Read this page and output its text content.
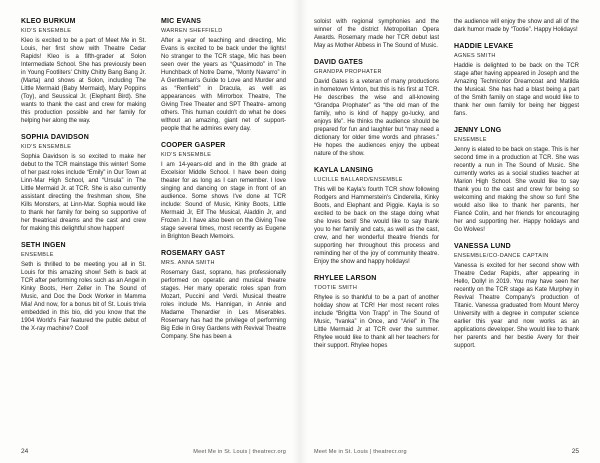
KLEO BURKUM
KID'S ENSEMBLE
Kleo is excited to be a part of Meet Me in St. Louis, her first show with Theatre Cedar Rapids! Kleo is a fifth-grader at Solon Intermediate School. She has previously been in Young Footliters' Chitty Chitty Bang Bang Jr. (Marta) and shows at Solon, including The Little Mermaid (Baby Mermaid), Mary Poppins (Toy), and Seussical Jr. (Elephant Bird). She wants to thank the cast and crew for making this production possible and her family for helping her along the way.
SOPHIA DAVIDSON
KID'S ENSEMBLE
Sophia Davidson is so excited to make her debut to the TCR mainstage this winter! Some of her past roles include “Emily” in Our Town at Linn-Mar High School, and “Ursula” in The Little Mermaid Jr. at TCR. She is also currently assistant directing the freshman show, She Kills Monsters, at Linn-Mar. Sophia would like to thank her family for being so supportive of her theatrical dreams and the cast and crew for making this delightful show happen!
SETH INGEN
ENSEMBLE
Seth is thrilled to be meeting you all in St. Louis for this amazing show! Seth is back at TCR after performing roles such as an Angel in Kinky Boots, Herr Zeller in The Sound of Music, and Doc the Dock Worker in Mamma Mia! And now, for a bonus bit of St. Louis trivia embedded in this bio, did you know that the 1904 World's Fair featured the public debut of the X-ray machine? Cool!
MIC EVANS
WARREN SHEFFIELD
After a year of teaching and directing, Mic Evans is excited to be back under the lights! No stranger to the TCR stage, Mic has been seen over the years as “Quasimodo” in The Hunchback of Notre Dame, “Monty Navarro” in A Gentleman's Guide to Love and Murder and as “Renfield” in Dracula, as well as appearances with Mirrorbox Theatre, The Giving Tree Theater and SPT Theatre- among others. This human couldn't do what he does without an amazing, giant net of support- people that he admires every day.
COOPER GASPER
KID'S ENSEMBLE
I am 14-years-old and in the 8th grade at Excelsior Middle School. I have been doing theater for as long as I can remember. I love singing and dancing on stage in front of an audience. Some shows I've done at TCR include: Sound of Music, Kinky Boots, Little Mermaid Jr, Elf The Musical, Aladdin Jr, and Frozen Jr. I have also been on the Giving Tree stage several times, most recently as Eugene in Brighton Beach Memoirs.
ROSEMARY GAST
MRS. ANNA SMITH
Rosemary Gast, soprano, has professionally performed on operatic and musical theatre stages. Her many operatic roles span from Mozart, Puccini and Verdi. Musical theatre roles include Ms. Hannigan, in Annie and Madame Thenardier in Les Miserables. Rosemary has had the privilege of performing Big Edie in Grey Gardens with Revival Theatre Company. She has been a
24	Meet Me in St. Louis | theatrecr.org
soloist with regional symphonies and the winner of the district Metropolitan Opera Awards. Rosemary made her TCR debut last May as Mother Abbess in The Sound of Music.
DAVID GATES
GRANDPA PROPHATER
David Gates is a veteran of many productions in hometown Vinton, but this is his first at TCR. He describes the wise and all-knowing “Grandpa Prophater” as “the old man of the family, who is kind of happy go-lucky, and enjoys life”. He thinks the audience should be prepared for fun and laughter but “may need a dictionary for older time words and phrases.” He hopes the audiences enjoy the upbeat nature of the show.
KAYLA LANSING
LUCILLE BALLARD/ENSEMBLE
This will be Kayla's fourth TCR show following Rodgers and Hammerstein's Cinderella, Kinky Boots, and Elephant and Piggie. Kayla is so excited to be back on the stage doing what she loves best! She would like to say thank you to her family and cats, as well as the cast, crew, and her wonderful theatre friends for supporting her throughout this process and reminding her of the joy of community theatre. Enjoy the show and happy holidays!
RHYLEE LARSON
TOOTIE SMITH
Rhylee is so thankful to be a part of another holiday show at TCR! Her most recent roles include “Brigitta Von Trapp” in The Sound of Music, “Ivanka” in Once, and “Ariel” in The Little Mermaid Jr at TCR over the summer. Rhylee would like to thank all her teachers for their support. Rhylee hopes
the audience will enjoy the show and all of the dark humor made by “Tootie”. Happy Holidays!
HADDIE LEVAKE
AGNES SMITH
Haddie is delighted to be back on the TCR stage after having appeared in Joseph and the Amazing Technicolor Dreamcoat and Matilda the Musical. She has had a blast being a part of the Smith family on stage and would like to thank her own family for being her biggest fans.
JENNY LONG
ENSEMBLE
Jenny is elated to be back on stage. This is her second time in a production at TCR. She was recently a nun in The Sound of Music. She currently works as a social studies teacher at Marion High School. She would like to say thank you to the cast and crew for being so welcoming and making the show so fun! She would also like to thank her parents, her Fiancé Colin, and her friends for encouraging her and supporting her. Happy holidays and Go Wolves!
VANESSA LUND
ENSEMBLE/CO-DANCE CAPTAIN
Vanessa is excited for her second show with Theatre Cedar Rapids, after appearing in Hello, Dolly! in 2019. You may have seen her recently on the TCR stage as Kate Murphey in Revival Theatre Company's production of Titanic. Vanessa graduated from Mount Mercy University with a degree in computer science earlier this year and now works as an applications developer. She would like to thank her parents and her bestie Avery for their support.
Meet Me in St. Louis | theatrecr.org	25
